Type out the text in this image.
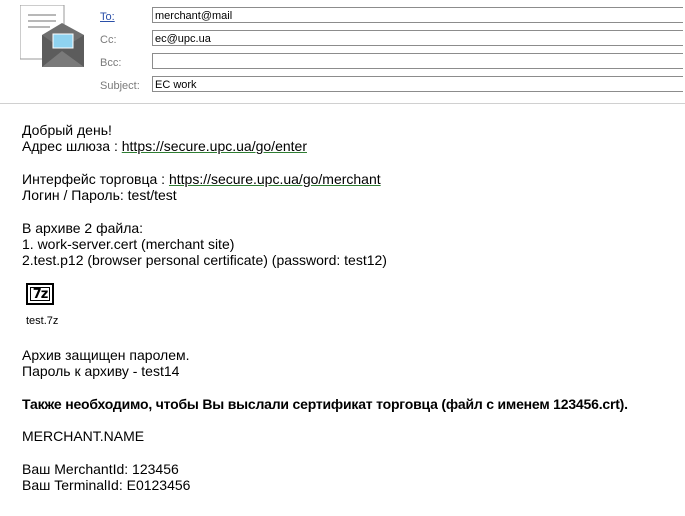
To:	merchant@mail
Cc:	ec@upc.ua
Bcc:
Subject: EC work
Добрый день!
Адрес шлюза : https://secure.upc.ua/go/enter
Интерфейс торговца : https://secure.upc.ua/go/merchant
Логин / Пароль: test/test
В архиве 2 файла:
1. work-server.cert (merchant site)
2.test.p12 (browser personal certificate) (password: test12)
7z
test.7z
Архив защищен паролем.
Пароль к архиву - test14
Также необходимо, чтобы Вы выслали сертификат торговца (файл с именем 123456.crt).
MERCHANT.NAME
Ваш MerchantId: 123456
Ваш TerminalId: E0123456
